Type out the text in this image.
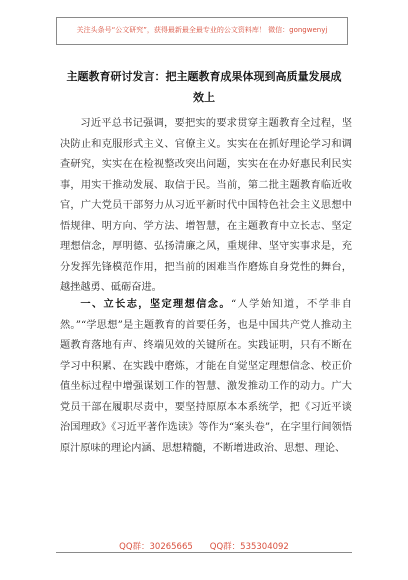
关注头条号“公文研究”，获得最新最全最专业的公文资料库！ 微信：gongwenyj
主题教育研讨发言：把主题教育成果体现到高质量发展成
效上
习近平总书记强调，要把实的要求贯穿主题教育全过程，坚决防止和克服形式主义、官僚主义。实实在在抓好理论学习和调查研究，实实在在检视整改突出问题，实实在在办好惠民利民实事，用实干推动发展、取信于民。当前，第二批主题教育临近收官，广大党员干部努力从习近平新时代中国特色社会主义思想中悟规律、明方向、学方法、增智慧，在主题教育中立长志、坚定理想信念，厚明德、弘扬清廉之风，重规律、坚守实事求是，充分发挥先锋模范作用，把当前的困难当作磨炼自身党性的舞台，越挫越勇、砥砺奋进。
一、立长志，坚定理想信念。“人学始知道，不学非自然。”“学思想”是主题教育的首要任务，也是中国共产党人推动主题教育落地有声、终端见效的关键所在。实践证明，只有不断在学习中积累、在实践中磨炼，才能在自觉坚定理想信念、校正价值坐标过程中增强谋划工作的智慧、激发推动工作的动力。广大党员干部在履职尽责中，要坚持原原本本系统学，把《习近平谈治国理政》《习近平著作选读》等作为“案头卷”，在字里行间领悟原汁原味的理论内涵、思想精髓，不断增进政治、思想、理论、
QQ群：30265665　　QQ群：535304092
